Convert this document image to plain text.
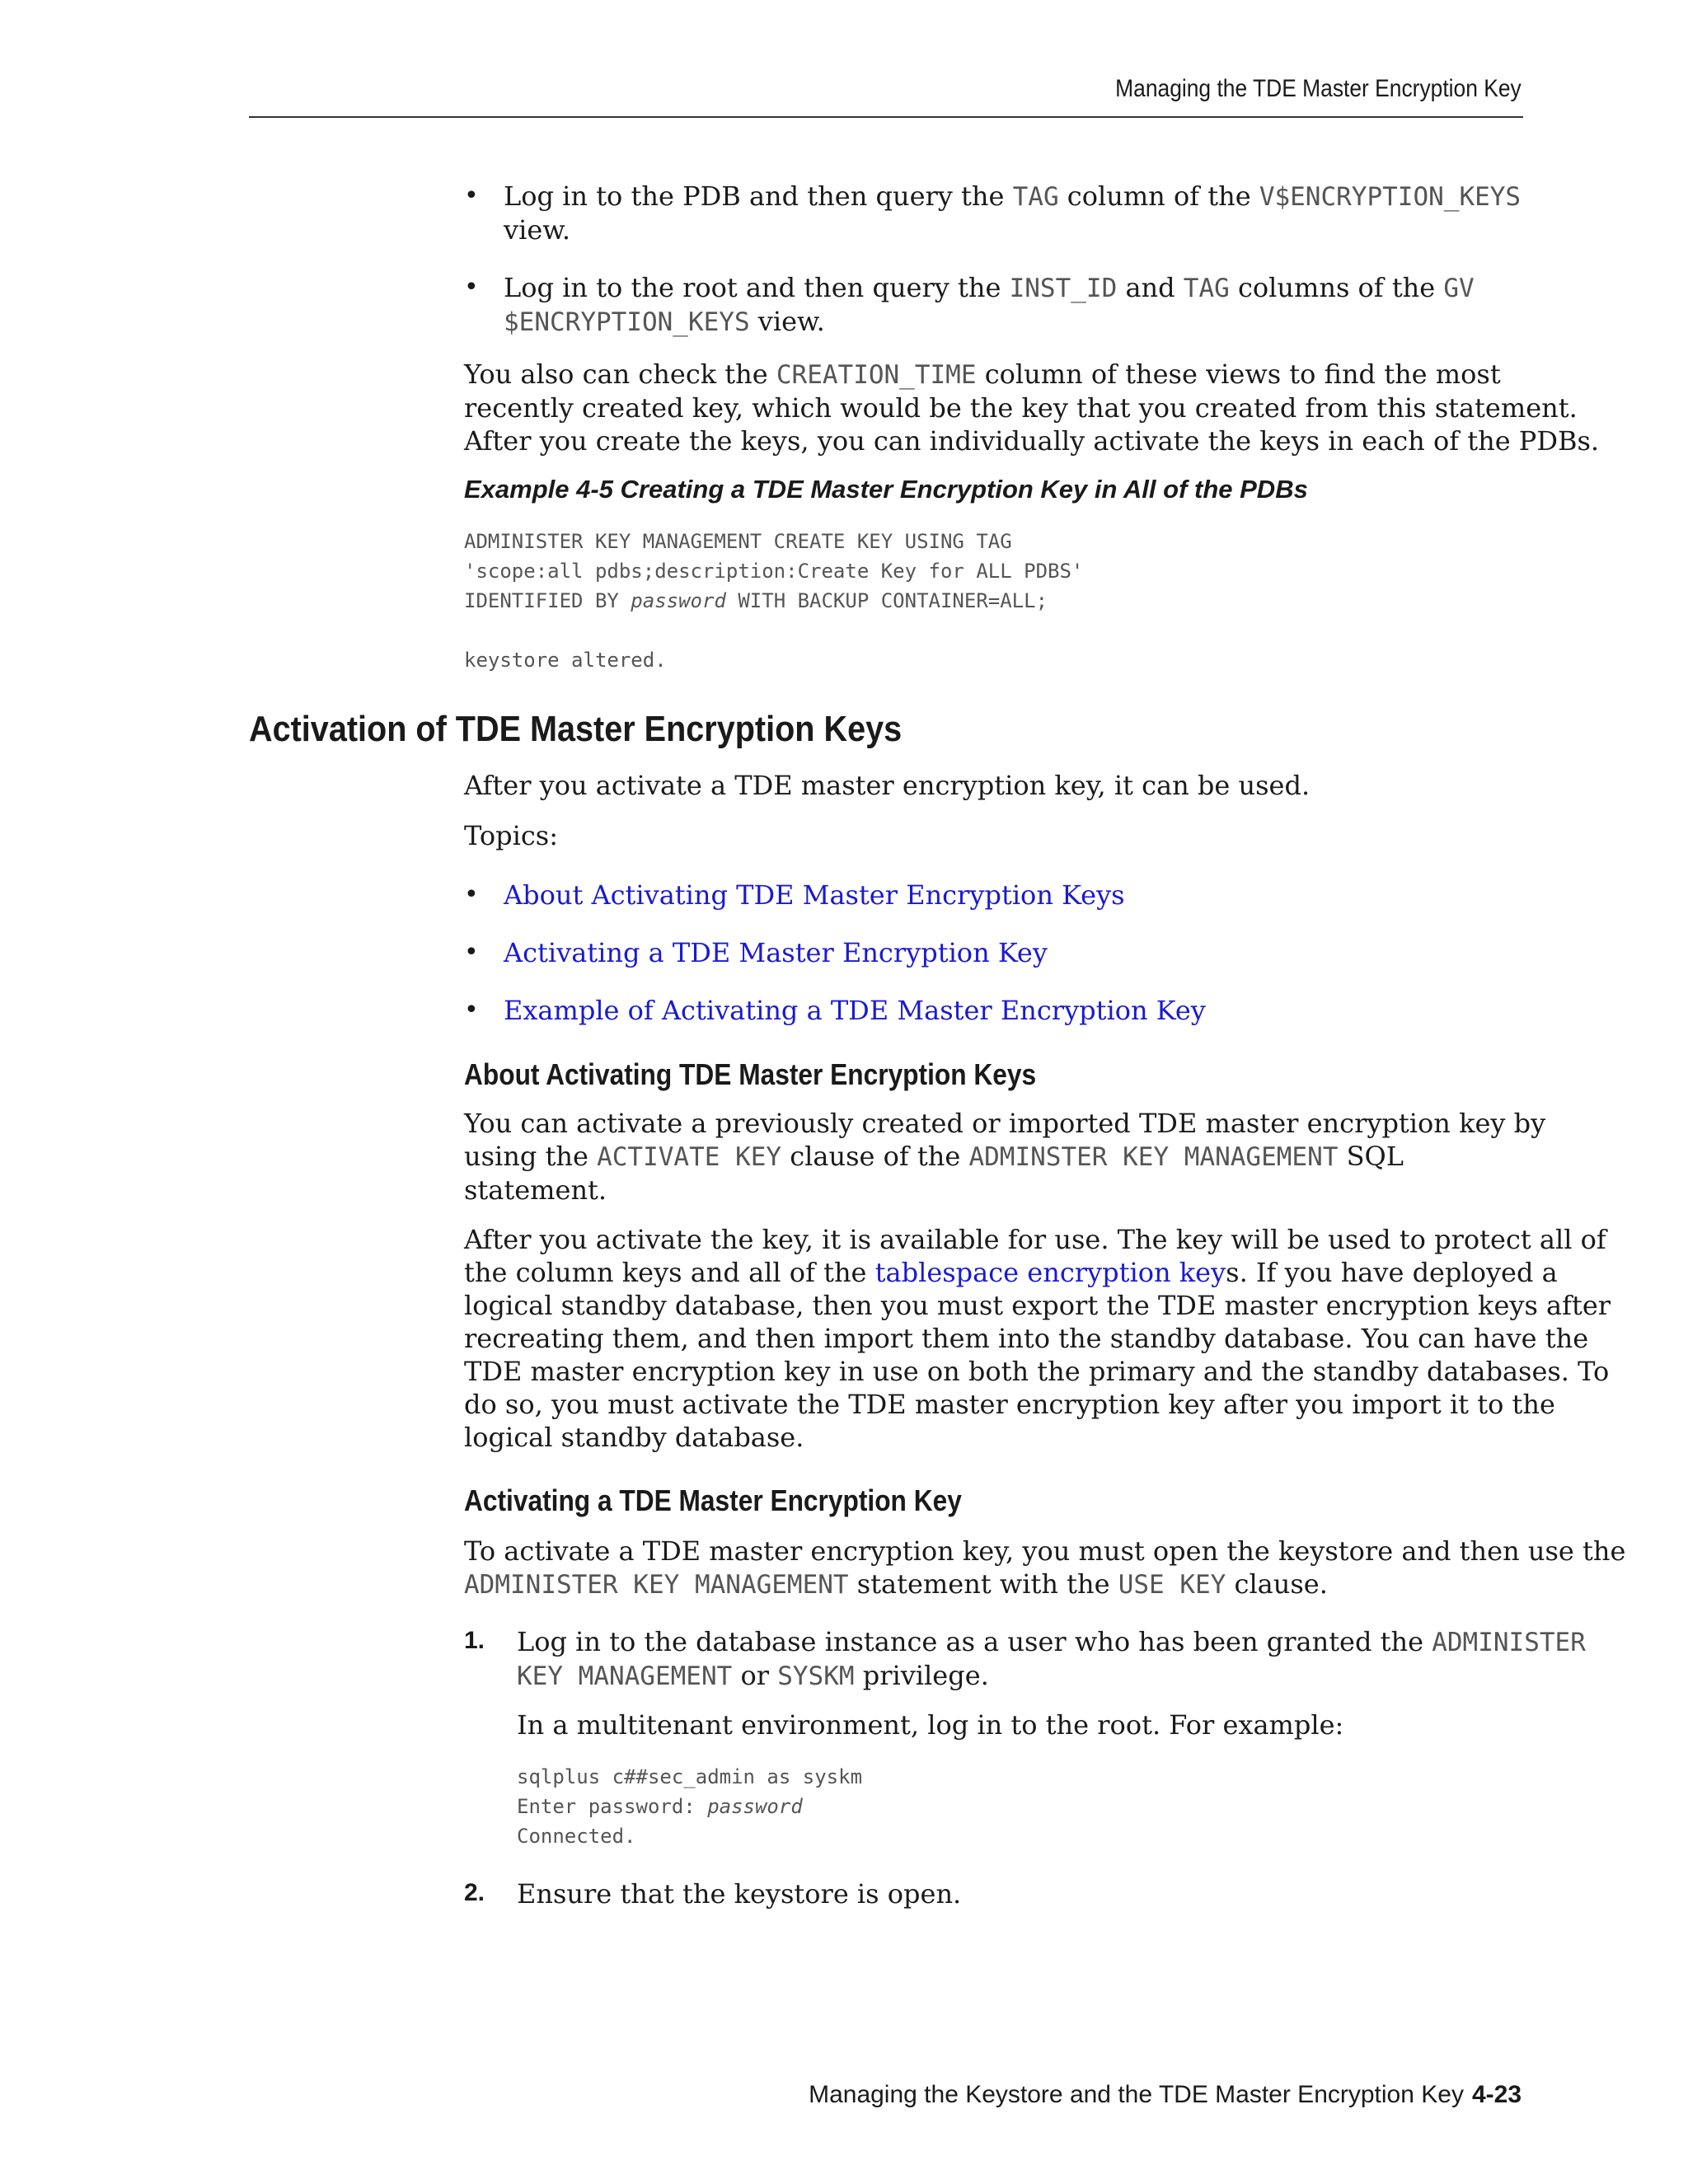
Managing the TDE Master Encryption Key
• Log in to the PDB and then query the TAG column of the V$ENCRYPTION_KEYS
view.
• Log in to the root and then query the INST_ID and TAG columns of the GV
$ENCRYPTION_KEYS view.

You also can check the CREATION_TIME column of these views to find the most

recently created key, which would be the key that you created from this statement.

After you create the keys, you can individually activate the keys in each of the PDBs.

Example 4-5 Creating a TDE Master Encryption Key in All of the PDBs
ADMINISTER KEY MANAGEMENT CREATE KEY USING TAG
'scope:all pdbs;description:Create Key for ALL PDBS'
IDENTIFIED BY password WITH BACKUP CONTAINER=ALL;

keystore altered.
Activation of TDE Master Encryption Keys

After you activate a TDE master encryption key, it can be used.

Topics:

• About Activating TDE Master Encryption Keys
• Activating a TDE Master Encryption Key
• Example of Activating a TDE Master Encryption Key
About Activating TDE Master Encryption Keys

You can activate a previously created or imported TDE master encryption key by

using the ACTIVATE KEY clause of the ADMINSTER KEY MANAGEMENT SQL

statement.

After you activate the key, it is available for use. The key will be used to protect all of

the column keys and all of the tablespace encryption keys. If you have deployed a

logical standby database, then you must export the TDE master encryption keys after

recreating them, and then import them into the standby database. You can have the

TDE master encryption key in use on both the primary and the standby databases. To

do so, you must activate the TDE master encryption key after you import it to the

logical standby database.

Activating a TDE Master Encryption Key

To activate a TDE master encryption key, you must open the keystore and then use the

ADMINISTER KEY MANAGEMENT statement with the USE KEY clause.

1. Log in to the database instance as a user who has been granted the ADMINISTER

KEY MANAGEMENT or SYSKM privilege.

In a multitenant environment, log in to the root. For example:

sqlplus c##sec_admin as syskm
Enter password: password
Connected.
2. Ensure that the keystore is open.

Managing the Keystore and the TDE Master Encryption Key 4-23
